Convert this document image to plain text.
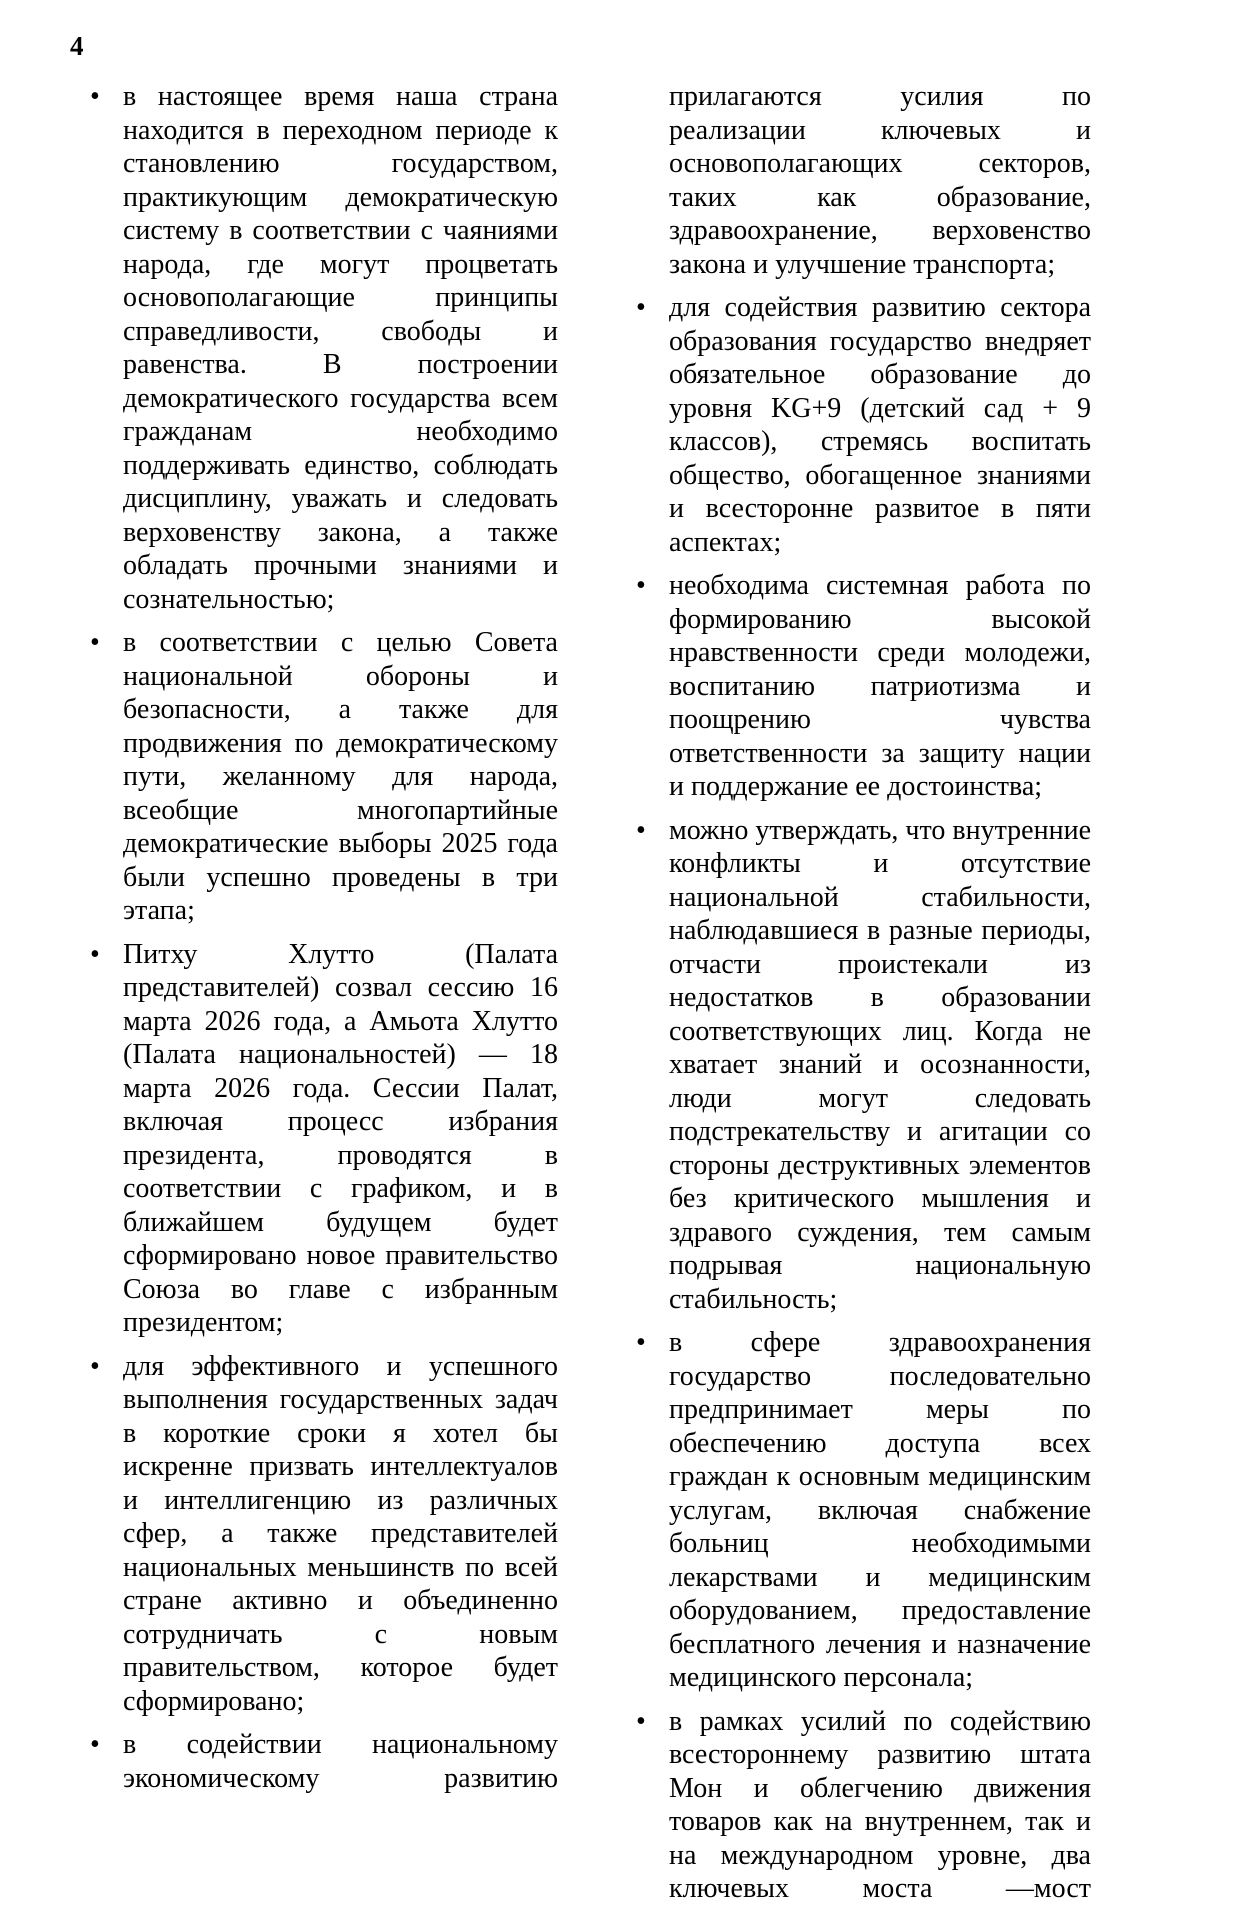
4
• в настоящее время наша страна находится в переходном периоде к становлению государством, практикующим демократическую систему в соответствии с чаяниями народа, где могут процветать основополагающие принципы справедливости, свободы и равенства. В построении демократического государства всем гражданам необходимо поддерживать единство, соблюдать дисциплину, уважать и следовать верховенству закона, а также обладать прочными знаниями и сознательностью;
• в соответствии с целью Совета национальной обороны и безопасности, а также для продвижения по демократическому пути, желанному для народа, всеобщие многопартийные демократические выборы 2025 года были успешно проведены в три этапа;
• Питху Хлутто (Палата представителей) созвал сессию 16 марта 2026 года, а Амьота Хлутто (Палата национальностей) — 18 марта 2026 года. Сессии Палат, включая процесс избрания президента, проводятся в соответствии с графиком, и в ближайшем будущем будет сформировано новое правительство Союза во главе с избранным президентом;
• для эффективного и успешного выполнения государственных задач в короткие сроки я хотел бы искренне призвать интеллектуалов и интеллигенцию из различных сфер, а также представителей национальных меньшинств по всей стране активно и объединенно сотрудничать с новым правительством, которое будет сформировано;
• в содействии национальному экономическому развитию
прилагаются усилия по реализации ключевых и основополагающих секторов, таких как образование, здравоохранение, верховенство закона и улучшение транспорта;
• для содействия развитию сектора образования государство внедряет обязательное образование до уровня KG+9 (детский сад + 9 классов), стремясь воспитать общество, обогащенное знаниями и всесторонне развитое в пяти аспектах;
• необходима системная работа по формированию высокой нравственности среди молодежи, воспитанию патриотизма и поощрению чувства ответственности за защиту нации и поддержание ее достоинства;
• можно утверждать, что внутренние конфликты и отсутствие национальной стабильности, наблюдавшиеся в разные периоды, отчасти проистекали из недостатков в образовании соответствующих лиц. Когда не хватает знаний и осознанности, люди могут следовать подстрекательству и агитации со стороны деструктивных элементов без критического мышления и здравого суждения, тем самым подрывая национальную стабильность;
• в сфере здравоохранения государство последовательно предпринимает меры по обеспечению доступа всех граждан к основным медицинским услугам, включая снабжение больниц необходимыми лекарствами и медицинским оборудованием, предоставление бесплатного лечения и назначение медицинского персонала;
• в рамках усилий по содействию всестороннему развитию штата Мон и облегчению движения товаров как на внутреннем, так и на международном уровне, два ключевых моста —мост
